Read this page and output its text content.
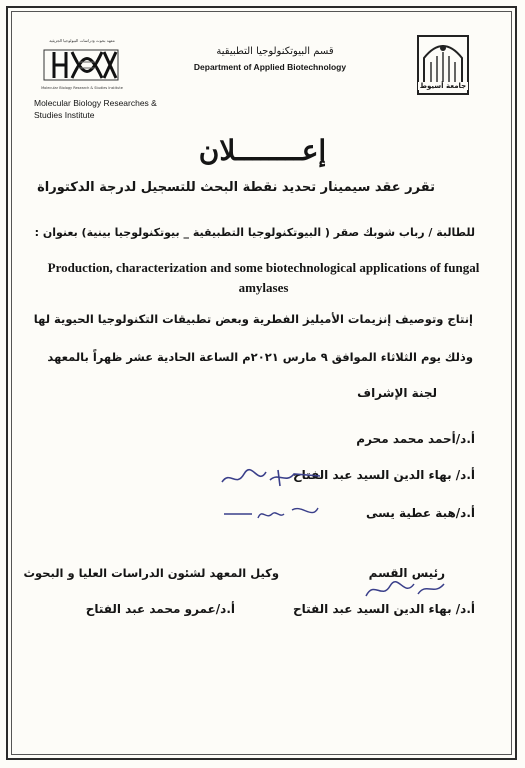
معهد بحوث ودراسات البيولوجيا الجزيئية
Molecular Biology Research & Studies Institute
Molecular Biology Researches & Studies Institute
قسم البيوتكنولوجيا التطبيقية
Department of Applied Biotechnology
جامعة أسيوط
إعــــــــلان
تقرر عقد سيمينار تحديد نقطة البحث للتسجيل لدرجة الدكتوراة
للطالبة / رباب شوبك صقر ( البيوتكنولوجيا التطبيقية _ بيوتكنولوجيا بينية) بعنوان :
Production, characterization and some biotechnological applications of fungal
amylases
إنتاج وتوصيف إنزيمات الأميليز الفطرية وبعض تطبيقات التكنولوجيا الحيوية لها
وذلك يوم الثلاثاء الموافق ٩ مارس ٢٠٢١م الساعة الحادية عشر ظهراً بالمعهد
لجنة الإشراف
أ.د/أحمد محمد محرم
أ.د/ بهاء الدين السيد عبد الفتاح
أ.د/هبة عطية يسى
رئيس القسم
أ.د/ بهاء الدين السيد عبد الفتاح
وكيل المعهد لشئون الدراسات العليا و البحوث
أ.د/عمرو محمد عبد الفتاح
